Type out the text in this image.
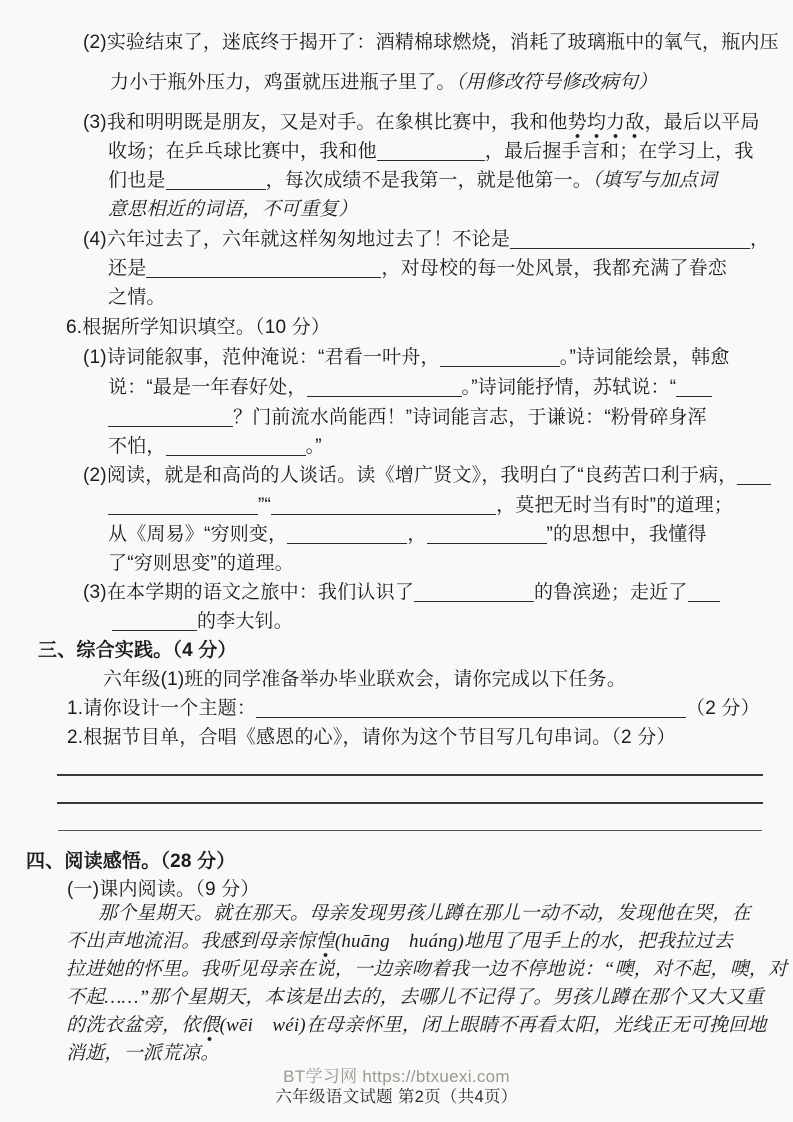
(2)实验结束了，迷底终于揭开了：酒精棉球燃烧，消耗了玻璃瓶中的氧气，瓶内压
力小于瓶外压力，鸡蛋就压进瓶子里了。（用修改符号修改病句）
(3)我和明明既是朋友，又是对手。在象棋比赛中，我和他势均力敌，最后以平局
收场；在乒乓球比赛中，我和他	，最后握手言和；在学习上，我
们也是	，每次成绩不是我第一，就是他第一。（填写与加点词
意思相近的词语，不可重复）
(4)六年过去了，六年就这样匆匆地过去了！不论是	，
还是	，对母校的每一处风景，我都充满了眷恋
之情。
6.根据所学知识填空。（10 分）
(1)诗词能叙事，范仲淹说：“君看一叶舟，	。”诗词能绘景，韩愈
说：“最是一年春好处，	。”诗词能抒情，苏轼说：“
？门前流水尚能西！”诗词能言志，于谦说：“粉骨碎身浑
不怕，	。”
(2)阅读，就是和高尚的人谈话。读《增广贤文》，我明白了“良药苦口利于病，
”“	，莫把无时当有时”的道理；
从《周易》“穷则变，	，	”的思想中，我懂得
了“穷则思变”的道理。
(3)在本学期的语文之旅中：我们认识了	的鲁滨逊；走近了
的李大钊。
三、综合实践。（4 分）
六年级(1)班的同学准备举办毕业联欢会，请你完成以下任务。
1.请你设计一个主题：	（2 分）
2.根据节目单，合唱《感恩的心》，请你为这个节目写几句串词。（2 分）
四、阅读感悟。（28 分）
(一)课内阅读。（9 分）
那个星期天。就在那天。母亲发现男孩儿蹲在那儿一动不动，发现他在哭，在
不出声地流泪。我感到母亲惊惶(huāng　huáng)地甩了甩手上的水，把我拉过去
拉进她的怀里。我听见母亲在说，一边亲吻着我一边不停地说：“噢，对不起，噢，对
不起……”那个星期天，本该是出去的，去哪儿不记得了。男孩儿蹲在那个又大又重
的洗衣盆旁，依偎(wēi　wéi)在母亲怀里，闭上眼睛不再看太阳，光线正无可挽回地
消逝，一派荒凉。
BT学习网 https://btxuexi.com
六年级语文试题 第2页（共4页）
